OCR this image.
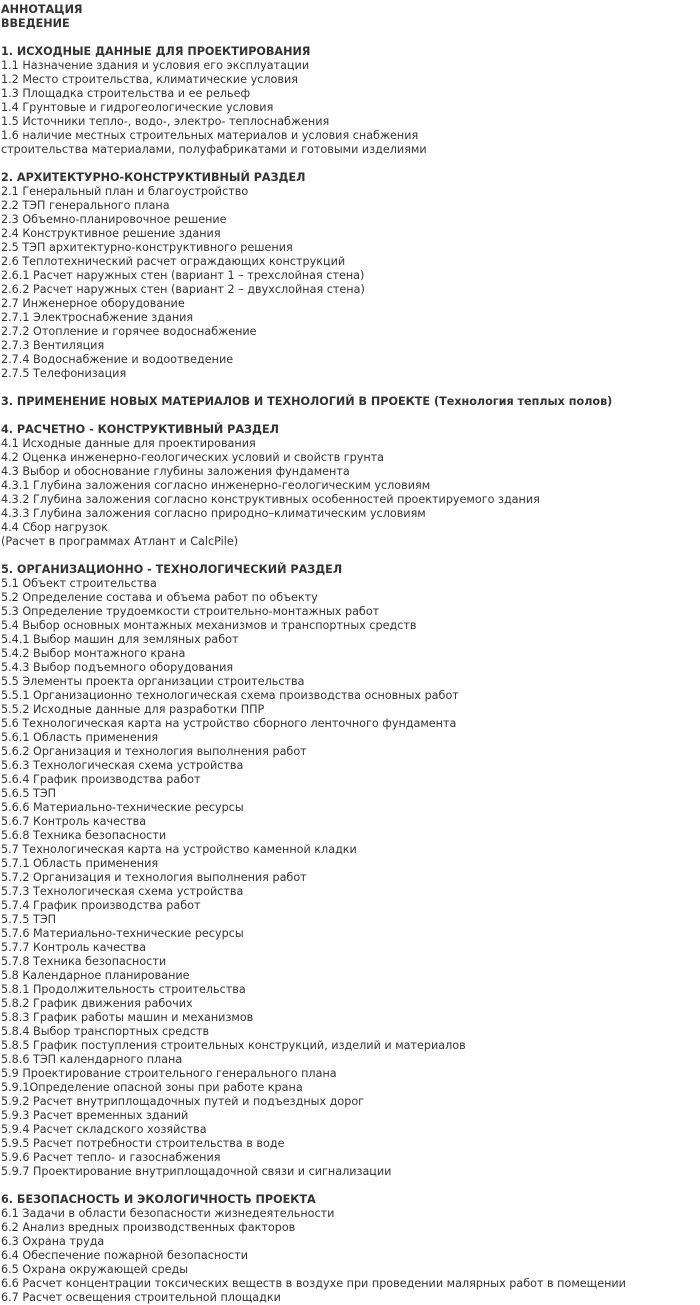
АННОТАЦИЯ
ВВЕДЕНИЕ
1. ИСХОДНЫЕ ДАННЫЕ ДЛЯ ПРОЕКТИРОВАНИЯ
1.1 Назначение здания и условия его эксплуатации
1.2 Место строительства, климатические условия
1.3 Площадка строительства и ее рельеф
1.4 Грунтовые и гидрогеологические условия
1.5 Источники тепло-, водо-, электро- теплоснабжения
1.6 наличие местных строительных материалов и условия снабжения
строительства материалами, полуфабрикатами и готовыми изделиями
2. АРХИТЕКТУРНО-КОНСТРУКТИВНЫЙ РАЗДЕЛ
2.1 Генеральный план и благоустройство
2.2 ТЭП генерального плана
2.3 Объемно-планировочное решение
2.4 Конструктивное решение здания
2.5 ТЭП архитектурно-конструктивного решения
2.6 Теплотехнический расчет ограждающих конструкций
2.6.1 Расчет наружных стен (вариант 1 – трехслойная стена)
2.6.2 Расчет наружных стен (вариант 2 – двухслойная стена)
2.7 Инженерное оборудование
2.7.1 Электроснабжение здания
2.7.2 Отопление и горячее водоснабжение
2.7.3 Вентиляция
2.7.4 Водоснабжение и водоотведение
2.7.5 Телефонизация
3. ПРИМЕНЕНИЕ НОВЫХ МАТЕРИАЛОВ И ТЕХНОЛОГИЙ В ПРОЕКТЕ (Технология теплых полов)
4. РАСЧЕТНО - КОНСТРУКТИВНЫЙ РАЗДЕЛ
4.1 Исходные данные для проектирования
4.2 Оценка инженерно-геологических условий и свойств грунта
4.3 Выбор и обоснование глубины заложения фундамента
4.3.1 Глубина заложения согласно инженерно-геологическим условиям
4.3.2 Глубина заложения согласно конструктивных особенностей проектируемого здания
4.3.3 Глубина заложения согласно природно–климатическим условиям
4.4 Сбор нагрузок
(Расчет в программах Атлант и CalcPile)
5. ОРГАНИЗАЦИОННО - ТЕХНОЛОГИЧЕСКИЙ РАЗДЕЛ
5.1 Объект строительства
5.2 Определение состава и объема работ по объекту
5.3 Определение трудоемкости строительно-монтажных работ
5.4 Выбор основных монтажных механизмов и транспортных средств
5.4.1 Выбор машин для земляных работ
5.4.2 Выбор монтажного крана
5.4.3 Выбор подъемного оборудования
5.5 Элементы проекта организации строительства
5.5.1 Организационно технологическая схема производства основных работ
5.5.2 Исходные данные для разработки ППР
5.6 Технологическая карта на устройство сборного ленточного фундамента
5.6.1 Область применения
5.6.2 Организация и технология выполнения работ
5.6.3 Технологическая схема устройства
5.6.4 График производства работ
5.6.5 ТЭП
5.6.6 Материально-технические ресурсы
5.6.7 Контроль качества
5.6.8 Техника безопасности
5.7 Технологическая карта на устройство каменной кладки
5.7.1 Область применения
5.7.2 Организация и технология выполнения работ
5.7.3 Технологическая схема устройства
5.7.4 График производства работ
5.7.5 ТЭП
5.7.6 Материально-технические ресурсы
5.7.7 Контроль качества
5.7.8 Техника безопасности
5.8 Календарное планирование
5.8.1 Продолжительность строительства
5.8.2 График движения рабочих
5.8.3 График работы машин и механизмов
5.8.4 Выбор транспортных средств
5.8.5 График поступления строительных конструкций, изделий и материалов
5.8.6 ТЭП календарного плана
5.9 Проектирование строительного генерального плана
5.9.1Определение опасной зоны при работе крана
5.9.2 Расчет внутриплощадочных путей и подъездных дорог
5.9.3 Расчет временных зданий
5.9.4 Расчет складского хозяйства
5.9.5 Расчет потребности строительства в воде
5.9.6 Расчет тепло- и газоснабжения
5.9.7 Проектирование внутриплощадочной связи и сигнализации
6. БЕЗОПАСНОСТЬ И ЭКОЛОГИЧНОСТЬ ПРОЕКТА
6.1 Задачи в области безопасности жизнедеятельности
6.2 Анализ вредных производственных факторов
6.3 Охрана труда
6.4 Обеспечение пожарной безопасности
6.5 Охрана окружающей среды
6.6 Расчет концентрации токсических веществ в воздухе при проведении малярных работ в помещении
6.7 Расчет освещения строительной площадки
